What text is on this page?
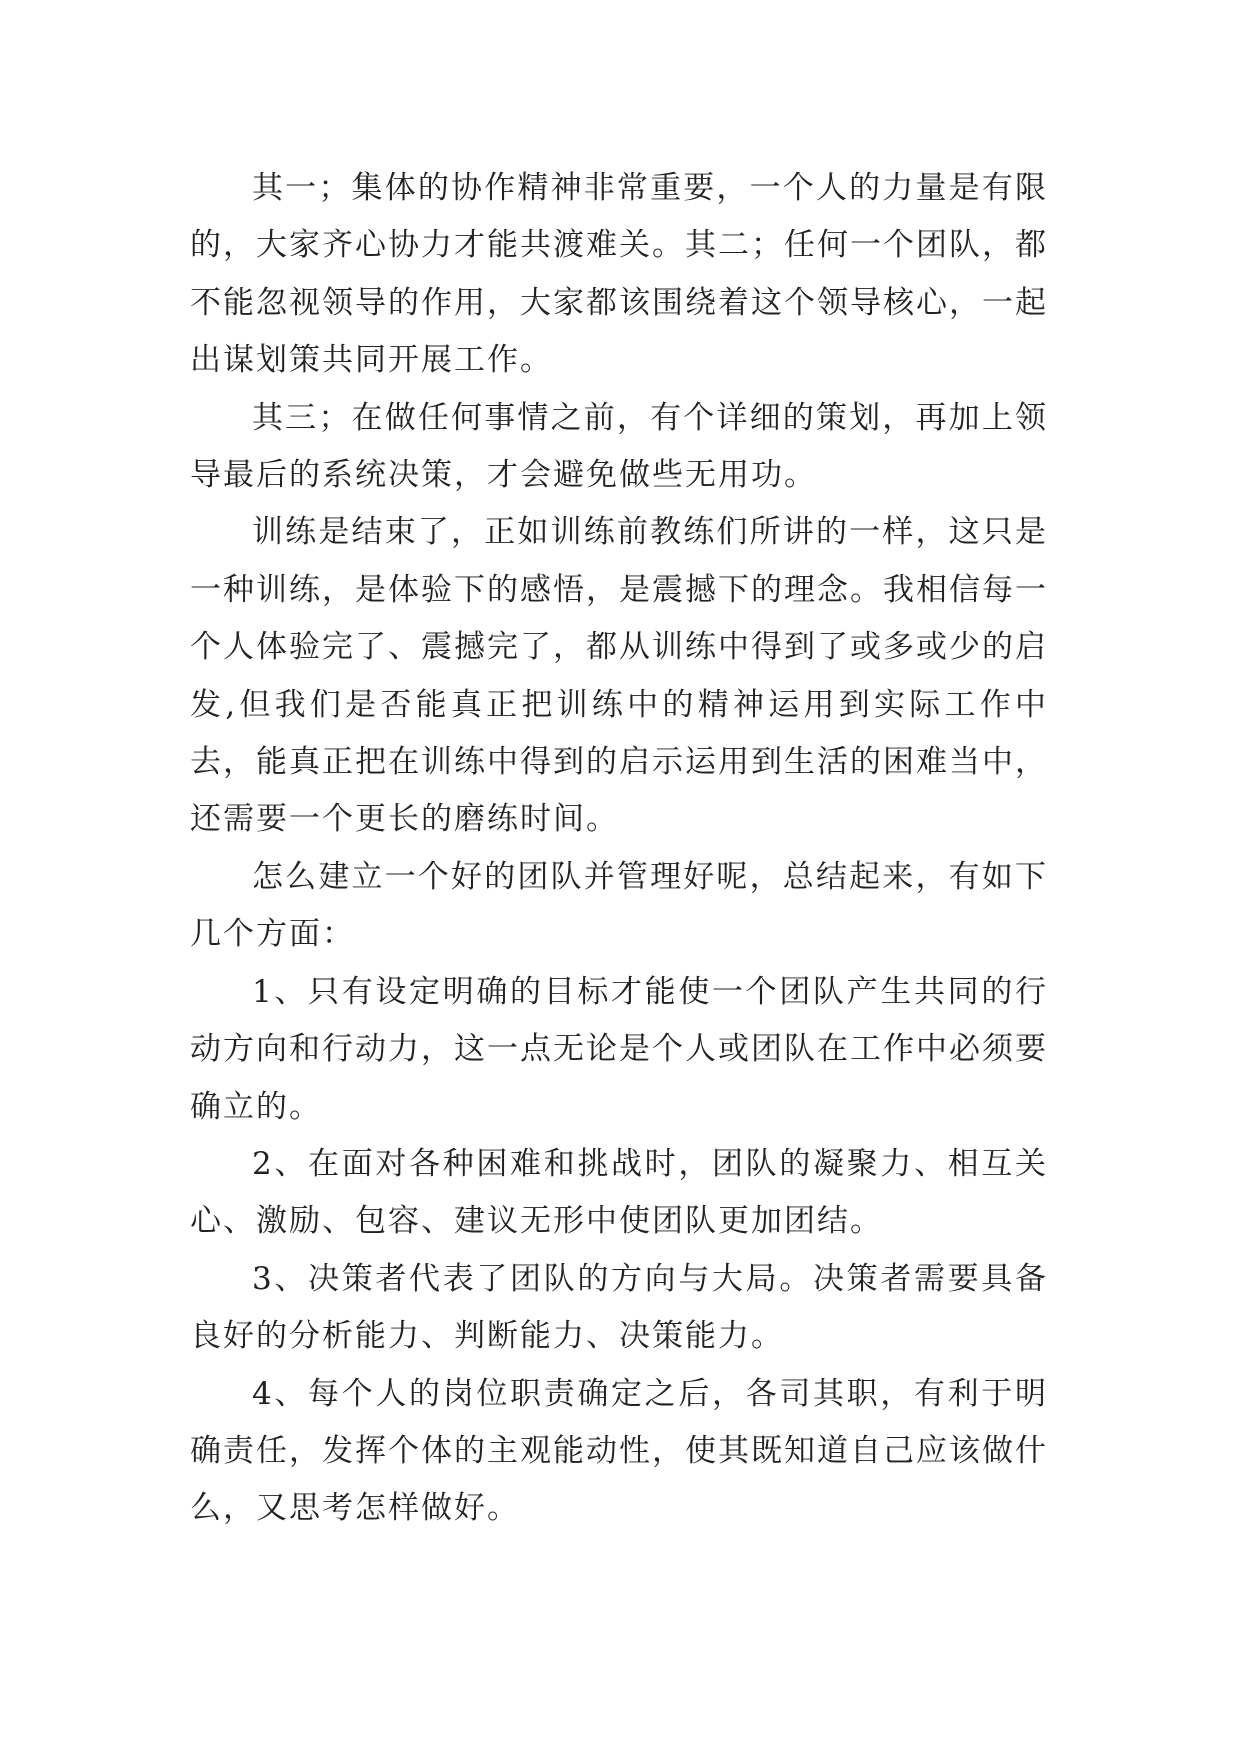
其一；集体的协作精神非常重要，一个人的力量是有限的，大家齐心协力才能共渡难关。其二；任何一个团队，都不能忽视领导的作用，大家都该围绕着这个领导核心，一起出谋划策共同开展工作。

其三；在做任何事情之前，有个详细的策划，再加上领导最后的系统决策，才会避免做些无用功。

训练是结束了，正如训练前教练们所讲的一样，这只是一种训练，是体验下的感悟，是震撼下的理念。我相信每一个人体验完了、震撼完了，都从训练中得到了或多或少的启发,但我们是否能真正把训练中的精神运用到实际工作中去，能真正把在训练中得到的启示运用到生活的困难当中，还需要一个更长的磨练时间。

怎么建立一个好的团队并管理好呢，总结起来，有如下几个方面：

1、只有设定明确的目标才能使一个团队产生共同的行动方向和行动力，这一点无论是个人或团队在工作中必须要确立的。

2、在面对各种困难和挑战时，团队的凝聚力、相互关心、激励、包容、建议无形中使团队更加团结。

3、决策者代表了团队的方向与大局。决策者需要具备良好的分析能力、判断能力、决策能力。

4、每个人的岗位职责确定之后，各司其职，有利于明确责任，发挥个体的主观能动性，使其既知道自己应该做什么，又思考怎样做好。
